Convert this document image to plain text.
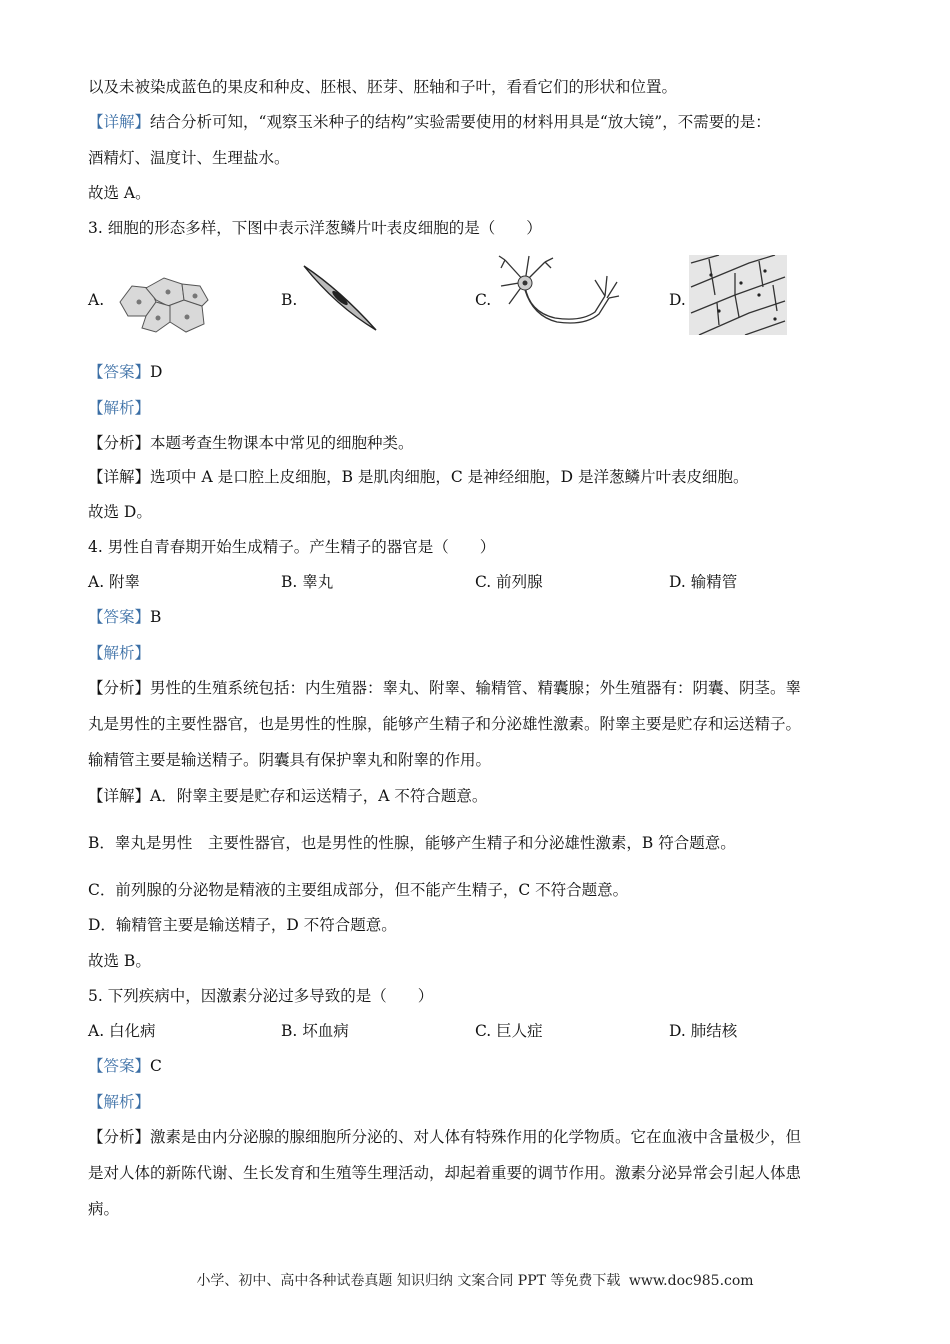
以及未被染成蓝色的果皮和种皮、胚根、胚芽、胚轴和子叶，看看它们的形状和位置。
【详解】结合分析可知，“观察玉米种子的结构”实验需要使用的材料用具是“放大镜”，不需要的是：
酒精灯、温度计、生理盐水。
故选 A。
3. 细胞的形态多样，下图中表示洋葱鳞片叶表皮细胞的是（　　）
A.	B.	C.	D.
【答案】D
【解析】
【分析】本题考查生物课本中常见的细胞种类。
【详解】选项中 A 是口腔上皮细胞，B 是肌肉细胞，C 是神经细胞，D 是洋葱鳞片叶表皮细胞。
故选 D。
4. 男性自青春期开始生成精子。产生精子的器官是（　　）
A. 附睾	B. 睾丸	C. 前列腺	D. 输精管
【答案】B
【解析】
【分析】男性的生殖系统包括：内生殖器：睾丸、附睾、输精管、精囊腺；外生殖器有：阴囊、阴茎。睾
丸是男性的主要性器官，也是男性的性腺，能够产生精子和分泌雄性激素。附睾主要是贮存和运送精子。
输精管主要是输送精子。阴囊具有保护睾丸和附睾的作用。
【详解】A．附睾主要是贮存和运送精子，A 不符合题意。
B．睾丸是男性　主要性器官，也是男性的性腺，能够产生精子和分泌雄性激素，B 符合题意。
C．前列腺的分泌物是精液的主要组成部分，但不能产生精子，C 不符合题意。
D．输精管主要是输送精子，D 不符合题意。
故选 B。
5. 下列疾病中，因激素分泌过多导致的是（　　）
A. 白化病	B. 坏血病	C. 巨人症	D. 肺结核
【答案】C
【解析】
【分析】激素是由内分泌腺的腺细胞所分泌的、对人体有特殊作用的化学物质。它在血液中含量极少，但
是对人体的新陈代谢、生长发育和生殖等生理活动，却起着重要的调节作用。激素分泌异常会引起人体患
病。
小学、初中、高中各种试卷真题 知识归纳 文案合同 PPT 等免费下载 www.doc985.com
